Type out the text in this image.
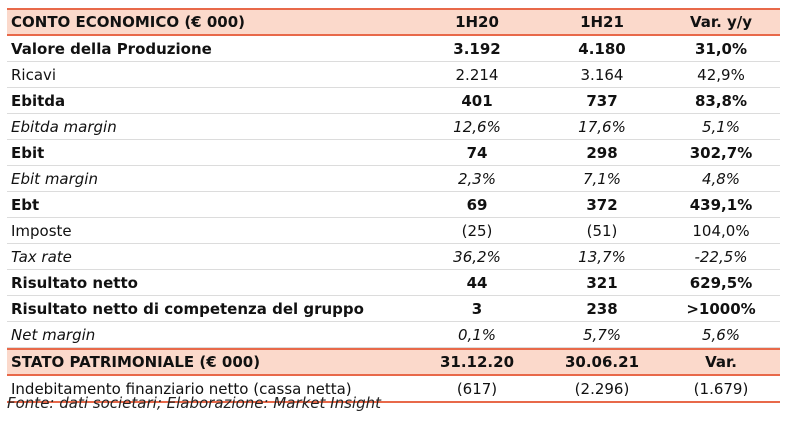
CONTO ECONOMICO (€ 000)	1H20	1H21	Var. y/y
Valore della Produzione	3.192	4.180	31,0%
Ricavi	2.214	3.164	42,9%
Ebitda	401	737	83,8%
Ebitda margin	12,6%	17,6%	5,1%
Ebit	74	298	302,7%
Ebit margin	2,3%	7,1%	4,8%
Ebt	69	372	439,1%
Imposte	(25)	(51)	104,0%
Tax rate	36,2%	13,7%	-22,5%
Risultato netto	44	321	629,5%
Risultato netto di competenza del gruppo	3	238	>1000%
Net margin	0,1%	5,7%	5,6%
STATO PATRIMONIALE (€ 000)	31.12.20	30.06.21	Var.
Indebitamento finanziario netto (cassa netta)	(617)	(2.296)	(1.679)
Fonte: dati societari; Elaborazione: Market Insight
